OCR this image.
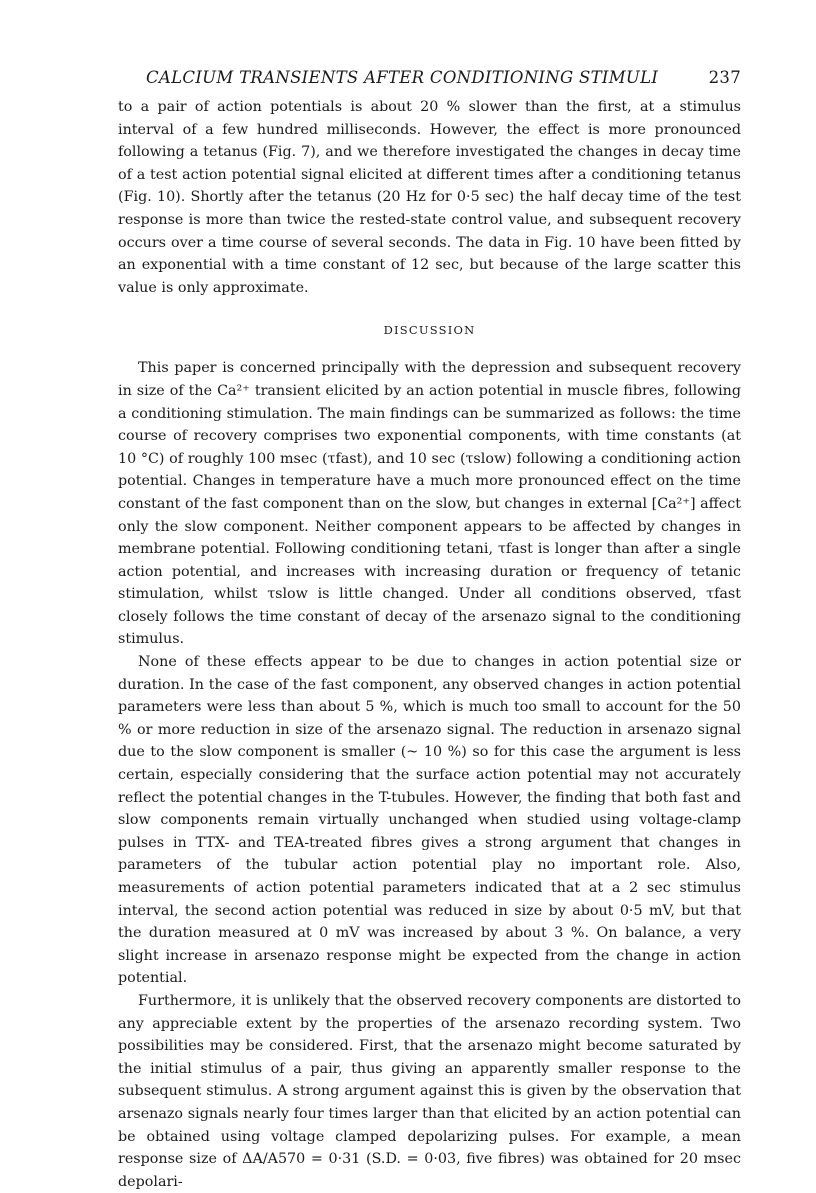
CALCIUM TRANSIENTS AFTER CONDITIONING STIMULI	237

to a pair of action potentials is about 20 % slower than the first, at a stimulus interval of a few hundred milliseconds. However, the effect is more pronounced following a tetanus (Fig. 7), and we therefore investigated the changes in decay time of a test action potential signal elicited at different times after a conditioning tetanus (Fig. 10). Shortly after the tetanus (20 Hz for 0·5 sec) the half decay time of the test response is more than twice the rested-state control value, and subsequent recovery occurs over a time course of several seconds. The data in Fig. 10 have been fitted by an exponential with a time constant of 12 sec, but because of the large scatter this value is only approximate.

DISCUSSION

This paper is concerned principally with the depression and subsequent recovery in size of the Ca²⁺ transient elicited by an action potential in muscle fibres, following a conditioning stimulation. The main findings can be summarized as follows: the time course of recovery comprises two exponential components, with time constants (at 10 °C) of roughly 100 msec (τfast), and 10 sec (τslow) following a conditioning action potential. Changes in temperature have a much more pronounced effect on the time constant of the fast component than on the slow, but changes in external [Ca²⁺] affect only the slow component. Neither component appears to be affected by changes in membrane potential. Following conditioning tetani, τfast is longer than after a single action potential, and increases with increasing duration or frequency of tetanic stimulation, whilst τslow is little changed. Under all conditions observed, τfast closely follows the time constant of decay of the arsenazo signal to the conditioning stimulus.

None of these effects appear to be due to changes in action potential size or duration. In the case of the fast component, any observed changes in action potential parameters were less than about 5 %, which is much too small to account for the 50 % or more reduction in size of the arsenazo signal. The reduction in arsenazo signal due to the slow component is smaller (~ 10 %) so for this case the argument is less certain, especially considering that the surface action potential may not accurately reflect the potential changes in the T-tubules. However, the finding that both fast and slow components remain virtually unchanged when studied using voltage-clamp pulses in TTX- and TEA-treated fibres gives a strong argument that changes in parameters of the tubular action potential play no important role. Also, measurements of action potential parameters indicated that at a 2 sec stimulus interval, the second action potential was reduced in size by about 0·5 mV, but that the duration measured at 0 mV was increased by about 3 %. On balance, a very slight increase in arsenazo response might be expected from the change in action potential.

Furthermore, it is unlikely that the observed recovery components are distorted to any appreciable extent by the properties of the arsenazo recording system. Two possibilities may be considered. First, that the arsenazo might become saturated by the initial stimulus of a pair, thus giving an apparently smaller response to the subsequent stimulus. A strong argument against this is given by the observation that arsenazo signals nearly four times larger than that elicited by an action potential can be obtained using voltage clamped depolarizing pulses. For example, a mean response size of ΔA/A570 = 0·31 (S.D. = 0·03, five fibres) was obtained for 20 msec depolari-
